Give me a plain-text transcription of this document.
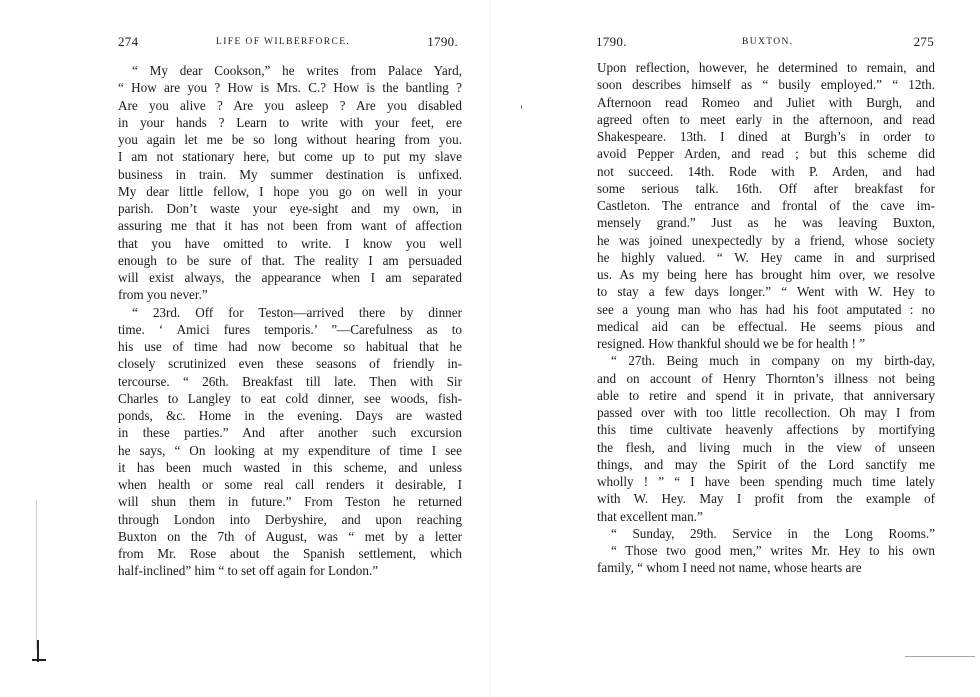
274	LIFE OF WILBERFORCE.	1790.
“ My dear Cookson,” he writes from Palace Yard,
“ How are you ? How is Mrs. C.? How is the bantling ?
Are you alive ? Are you asleep ? Are you disabled
in your hands ? Learn to write with your feet, ere
you again let me be so long without hearing from you.
I am not stationary here, but come up to put my slave
business in train. My summer destination is unfixed.
My dear little fellow, I hope you go on well in your
parish. Don’t waste your eye-sight and my own, in
assuring me that it has not been from want of affection
that you have omitted to write. I know you well
enough to be sure of that. The reality I am persuaded
will exist always, the appearance when I am separated
from you never.”
“ 23rd. Off for Teston—arrived there by dinner
time. ‘ Amici fures temporis.’ ”—Carefulness as to
his use of time had now become so habitual that he
closely scrutinized even these seasons of friendly in-
tercourse. “ 26th. Breakfast till late. Then with Sir
Charles to Langley to eat cold dinner, see woods, fish-
ponds, &c. Home in the evening. Days are wasted
in these parties.” And after another such excursion
he says, “ On looking at my expenditure of time I see
it has been much wasted in this scheme, and unless
when health or some real call renders it desirable, I
will shun them in future.” From Teston he returned
through London into Derbyshire, and upon reaching
Buxton on the 7th of August, was “ met by a letter
from Mr. Rose about the Spanish settlement, which
half-inclined” him “ to set off again for London.”
1790.	BUXTON.	275
Upon reflection, however, he determined to remain, and
soon describes himself as “ busily employed.” “ 12th.
Afternoon read Romeo and Juliet with Burgh, and
agreed often to meet early in the afternoon, and read
Shakespeare. 13th. I dined at Burgh’s in order to
avoid Pepper Arden, and read ; but this scheme did
not succeed. 14th. Rode with P. Arden, and had
some serious talk. 16th. Off after breakfast for
Castleton. The entrance and frontal of the cave im-
mensely grand.” Just as he was leaving Buxton,
he was joined unexpectedly by a friend, whose society
he highly valued. “ W. Hey came in and surprised
us. As my being here has brought him over, we resolve
to stay a few days longer.” “ Went with W. Hey to
see a young man who has had his foot amputated : no
medical aid can be effectual. He seems pious and
resigned. How thankful should we be for health ! ”
“ 27th. Being much in company on my birth-day,
and on account of Henry Thornton’s illness not being
able to retire and spend it in private, that anniversary
passed over with too little recollection. Oh may I from
this time cultivate heavenly affections by mortifying
the flesh, and living much in the view of unseen
things, and may the Spirit of the Lord sanctify me
wholly ! ” “ I have been spending much time lately
with W. Hey. May I profit from the example of
that excellent man.”
“ Sunday, 29th. Service in the Long Rooms.”
“ Those two good men,” writes Mr. Hey to his own
family, “ whom I need not name, whose hearts are
